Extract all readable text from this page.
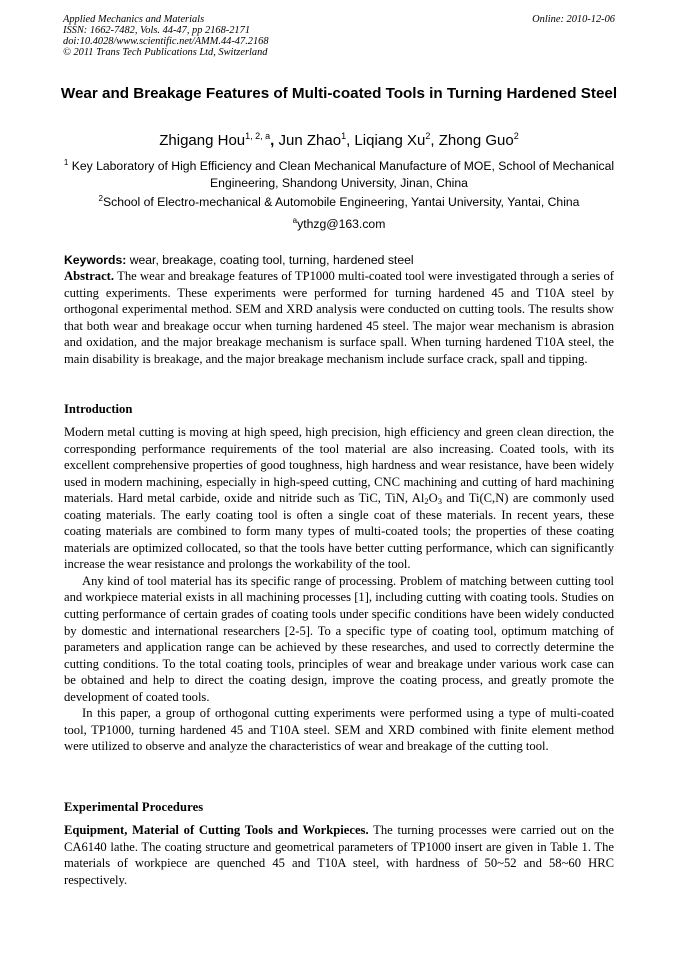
Applied Mechanics and Materials
ISSN: 1662-7482, Vols. 44-47, pp 2168-2171
doi:10.4028/www.scientific.net/AMM.44-47.2168
© 2011 Trans Tech Publications Ltd, Switzerland
Online: 2010-12-06
Wear and Breakage Features of Multi-coated Tools in Turning Hardened Steel
Zhigang Hou$^{1, 2, a}$, Jun Zhao$^1$, Liqiang Xu$^2$, Zhong Guo$^2$
$^1$ Key Laboratory of High Efficiency and Clean Mechanical Manufacture of MOE, School of Mechanical Engineering, Shandong University, Jinan, China
$^2$School of Electro-mechanical & Automobile Engineering, Yantai University, Yantai, China
$^a$ythzg@163.com
Keywords: wear, breakage, coating tool, turning, hardened steel
Abstract. The wear and breakage features of TP1000 multi-coated tool were investigated through a series of cutting experiments. These experiments were performed for turning hardened 45 and T10A steel by orthogonal experimental method. SEM and XRD analysis were conducted on cutting tools. The results show that both wear and breakage occur when turning hardened 45 steel. The major wear mechanism is abrasion and oxidation, and the major breakage mechanism is surface spall. When turning hardened T10A steel, the main disability is breakage, and the major breakage mechanism include surface crack, spall and tipping.
Introduction

Modern metal cutting is moving at high speed, high precision, high efficiency and green clean direction, the corresponding performance requirements of the tool material are also increasing. Coated tools, with its excellent comprehensive properties of good toughness, high hardness and wear resistance, have been widely used in modern machining, especially in high-speed cutting, CNC machining and cutting of hard machining materials. Hard metal carbide, oxide and nitride such as TiC, TiN, $Al_2O_3$ and Ti(C,N) are commonly used coating materials. The early coating tool is often a single coat of these materials. In recent years, these coating materials are combined to form many types of multi-coated tools; the properties of these coating materials are optimized collocated, so that the tools have better cutting performance, which can significantly increase the wear resistance and prolongs the workability of the tool.

Any kind of tool material has its specific range of processing. Problem of matching between cutting tool and workpiece material exists in all machining processes [1], including cutting with coating tools. Studies on cutting performance of certain grades of coating tools under specific conditions have been widely conducted by domestic and international researchers [2-5]. To a specific type of coating tool, optimum matching of parameters and application range can be achieved by these researches, and used to correctly determine the cutting conditions. To the total coating tools, principles of wear and breakage under various work case can be obtained and help to direct the coating design, improve the coating process, and greatly promote the development of coated tools.

In this paper, a group of orthogonal cutting experiments were performed using a type of multi-coated tool, TP1000, turning hardened 45 and T10A steel. SEM and XRD combined with finite element method were utilized to observe and analyze the characteristics of wear and breakage of the cutting tool.

Experimental Procedures
Equipment, Material of Cutting Tools and Workpieces. The turning processes were carried out on the CA6140 lathe. The coating structure and geometrical parameters of TP1000 insert are given in Table 1. The materials of workpiece are quenched 45 and T10A steel, with hardness of 50~52 and 58~60 HRC respectively.
